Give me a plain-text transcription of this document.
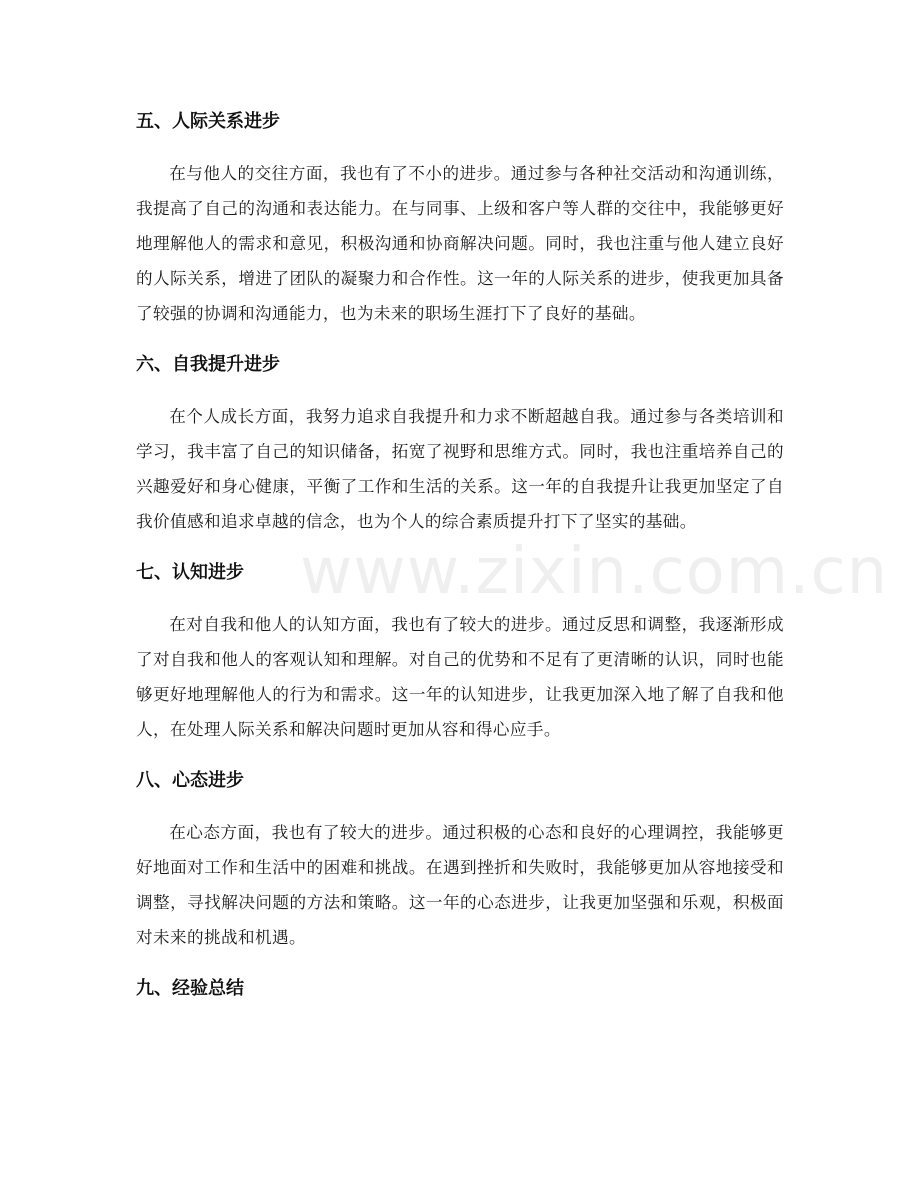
五、人际关系进步

在与他人的交往方面，我也有了不小的进步。通过参与各种社交活动和沟通训练，我提高了自己的沟通和表达能力。在与同事、上级和客户等人群的交往中，我能够更好地理解他人的需求和意见，积极沟通和协商解决问题。同时，我也注重与他人建立良好的人际关系，增进了团队的凝聚力和合作性。这一年的人际关系的进步，使我更加具备了较强的协调和沟通能力，也为未来的职场生涯打下了良好的基础。

六、自我提升进步

在个人成长方面，我努力追求自我提升和力求不断超越自我。通过参与各类培训和学习，我丰富了自己的知识储备，拓宽了视野和思维方式。同时，我也注重培养自己的兴趣爱好和身心健康，平衡了工作和生活的关系。这一年的自我提升让我更加坚定了自我价值感和追求卓越的信念，也为个人的综合素质提升打下了坚实的基础。

七、认知进步

在对自我和他人的认知方面，我也有了较大的进步。通过反思和调整，我逐渐形成了对自我和他人的客观认知和理解。对自己的优势和不足有了更清晰的认识，同时也能够更好地理解他人的行为和需求。这一年的认知进步，让我更加深入地了解了自我和他人，在处理人际关系和解决问题时更加从容和得心应手。

八、心态进步

在心态方面，我也有了较大的进步。通过积极的心态和良好的心理调控，我能够更好地面对工作和生活中的困难和挑战。在遇到挫折和失败时，我能够更加从容地接受和调整，寻找解决问题的方法和策略。这一年的心态进步，让我更加坚强和乐观，积极面对未来的挑战和机遇。

九、经验总结
www.zixin.com.cn
